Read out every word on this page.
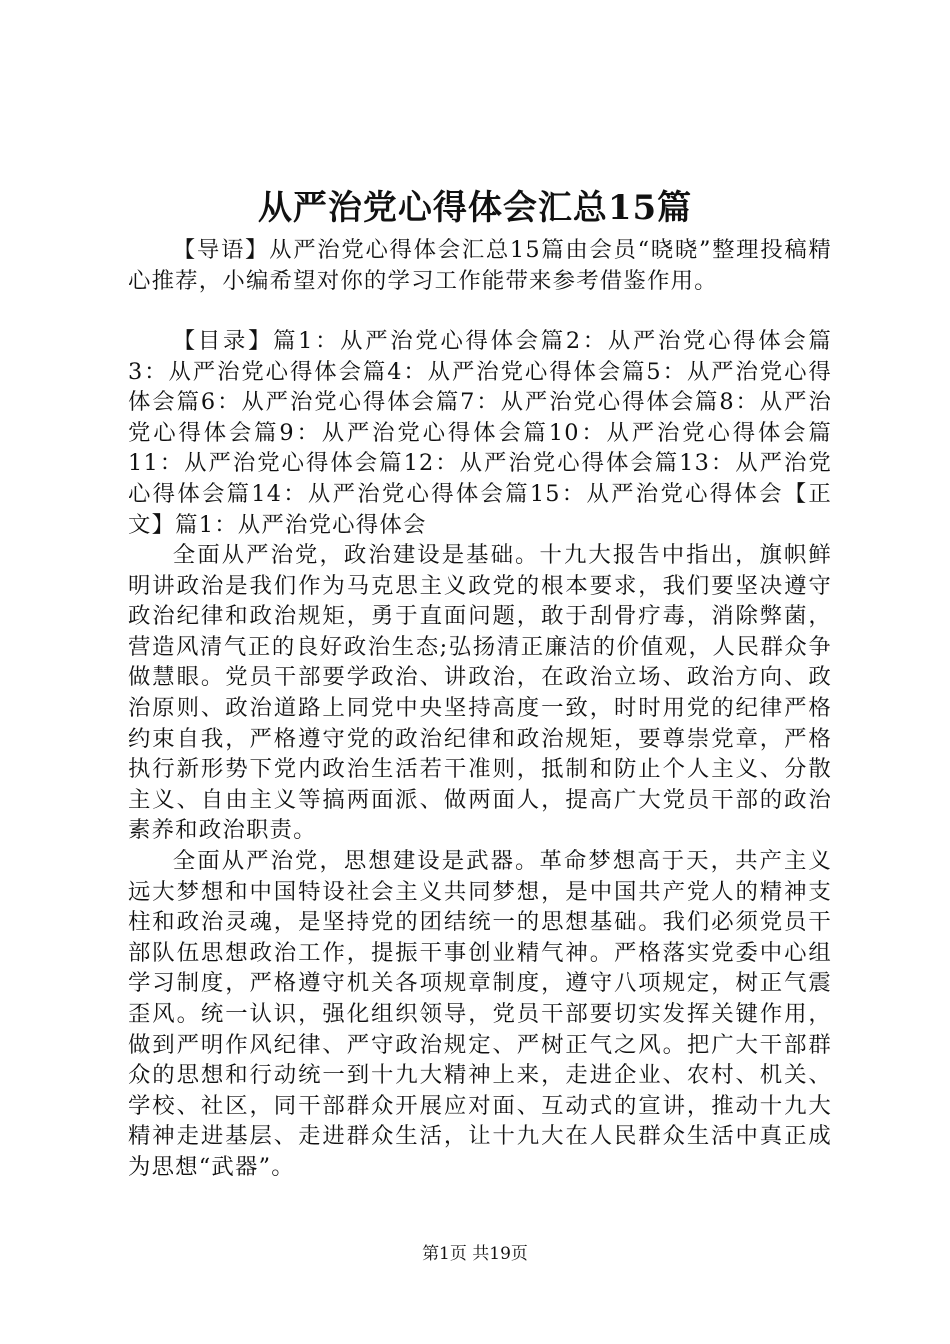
从严治党心得体会汇总15篇

【导语】从严治党心得体会汇总15篇由会员“晓晓”整理投稿精心推荐，小编希望对你的学习工作能带来参考借鉴作用。

【目录】篇1：从严治党心得体会篇2：从严治党心得体会篇3：从严治党心得体会篇4：从严治党心得体会篇5：从严治党心得体会篇6：从严治党心得体会篇7：从严治党心得体会篇8：从严治党心得体会篇9：从严治党心得体会篇10：从严治党心得体会篇11：从严治党心得体会篇12：从严治党心得体会篇13：从严治党心得体会篇14：从严治党心得体会篇15：从严治党心得体会【正文】篇1：从严治党心得体会

全面从严治党，政治建设是基础。十九大报告中指出，旗帜鲜明讲政治是我们作为马克思主义政党的根本要求，我们要坚决遵守政治纪律和政治规矩，勇于直面问题，敢于刮骨疗毒，消除弊菌，营造风清气正的良好政治生态;弘扬清正廉洁的价值观，人民群众争做慧眼。党员干部要学政治、讲政治，在政治立场、政治方向、政治原则、政治道路上同党中央坚持高度一致，时时用党的纪律严格约束自我，严格遵守党的政治纪律和政治规矩，要尊崇党章，严格执行新形势下党内政治生活若干准则，抵制和防止个人主义、分散主义、自由主义等搞两面派、做两面人，提高广大党员干部的政治素养和政治职责。

全面从严治党，思想建设是武器。革命梦想高于天，共产主义远大梦想和中国特设社会主义共同梦想，是中国共产党人的精神支柱和政治灵魂，是坚持党的团结统一的思想基础。我们必须党员干部队伍思想政治工作，提振干事创业精气神。严格落实党委中心组学习制度，严格遵守机关各项规章制度，遵守八项规定，树正气震歪风。统一认识，强化组织领导，党员干部要切实发挥关键作用，做到严明作风纪律、严守政治规定、严树正气之风。把广大干部群众的思想和行动统一到十九大精神上来，走进企业、农村、机关、学校、社区，同干部群众开展应对面、互动式的宣讲，推动十九大精神走进基层、走进群众生活，让十九大在人民群众生活中真正成为思想“武器”。

第1页 共19页
